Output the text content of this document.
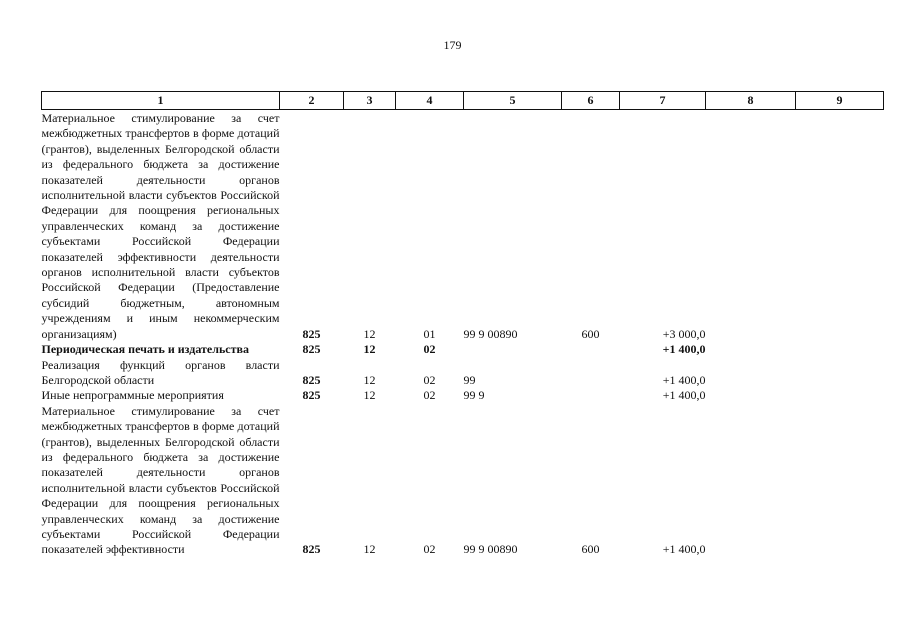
179
1	2	3	4	5	6	7	8	9

Материальное стимулирование за счет межбюджетных трансфертов в форме дотаций (грантов), выделенных Белгородской области из федерального бюджета за достижение показателей деятельности органов исполнительной власти субъектов Российской Федерации для поощрения региональных управленческих команд за достижение субъектами Российской Федерации показателей эффективности деятельности органов исполнительной власти субъектов Российской Федерации (Предоставление субсидий бюджетным, автономным учреждениям и иным некоммерческим организациям)	825	12	01	99 9 00890	600	+3 000,0		
Периодическая печать и издательства	825	12	02			+1 400,0		
Реализация функций органов власти Белгородской области	825	12	02	99		+1 400,0		
Иные непрограммные мероприятия	825	12	02	99 9		+1 400,0		
Материальное стимулирование за счет межбюджетных трансфертов в форме дотаций (грантов), выделенных Белгородской области из федерального бюджета за достижение показателей деятельности органов исполнительной власти субъектов Российской Федерации для поощрения региональных управленческих команд за достижение субъектами Российской Федерации показателей эффективности	825	12	02	99 9 00890	600	+1 400,0		
